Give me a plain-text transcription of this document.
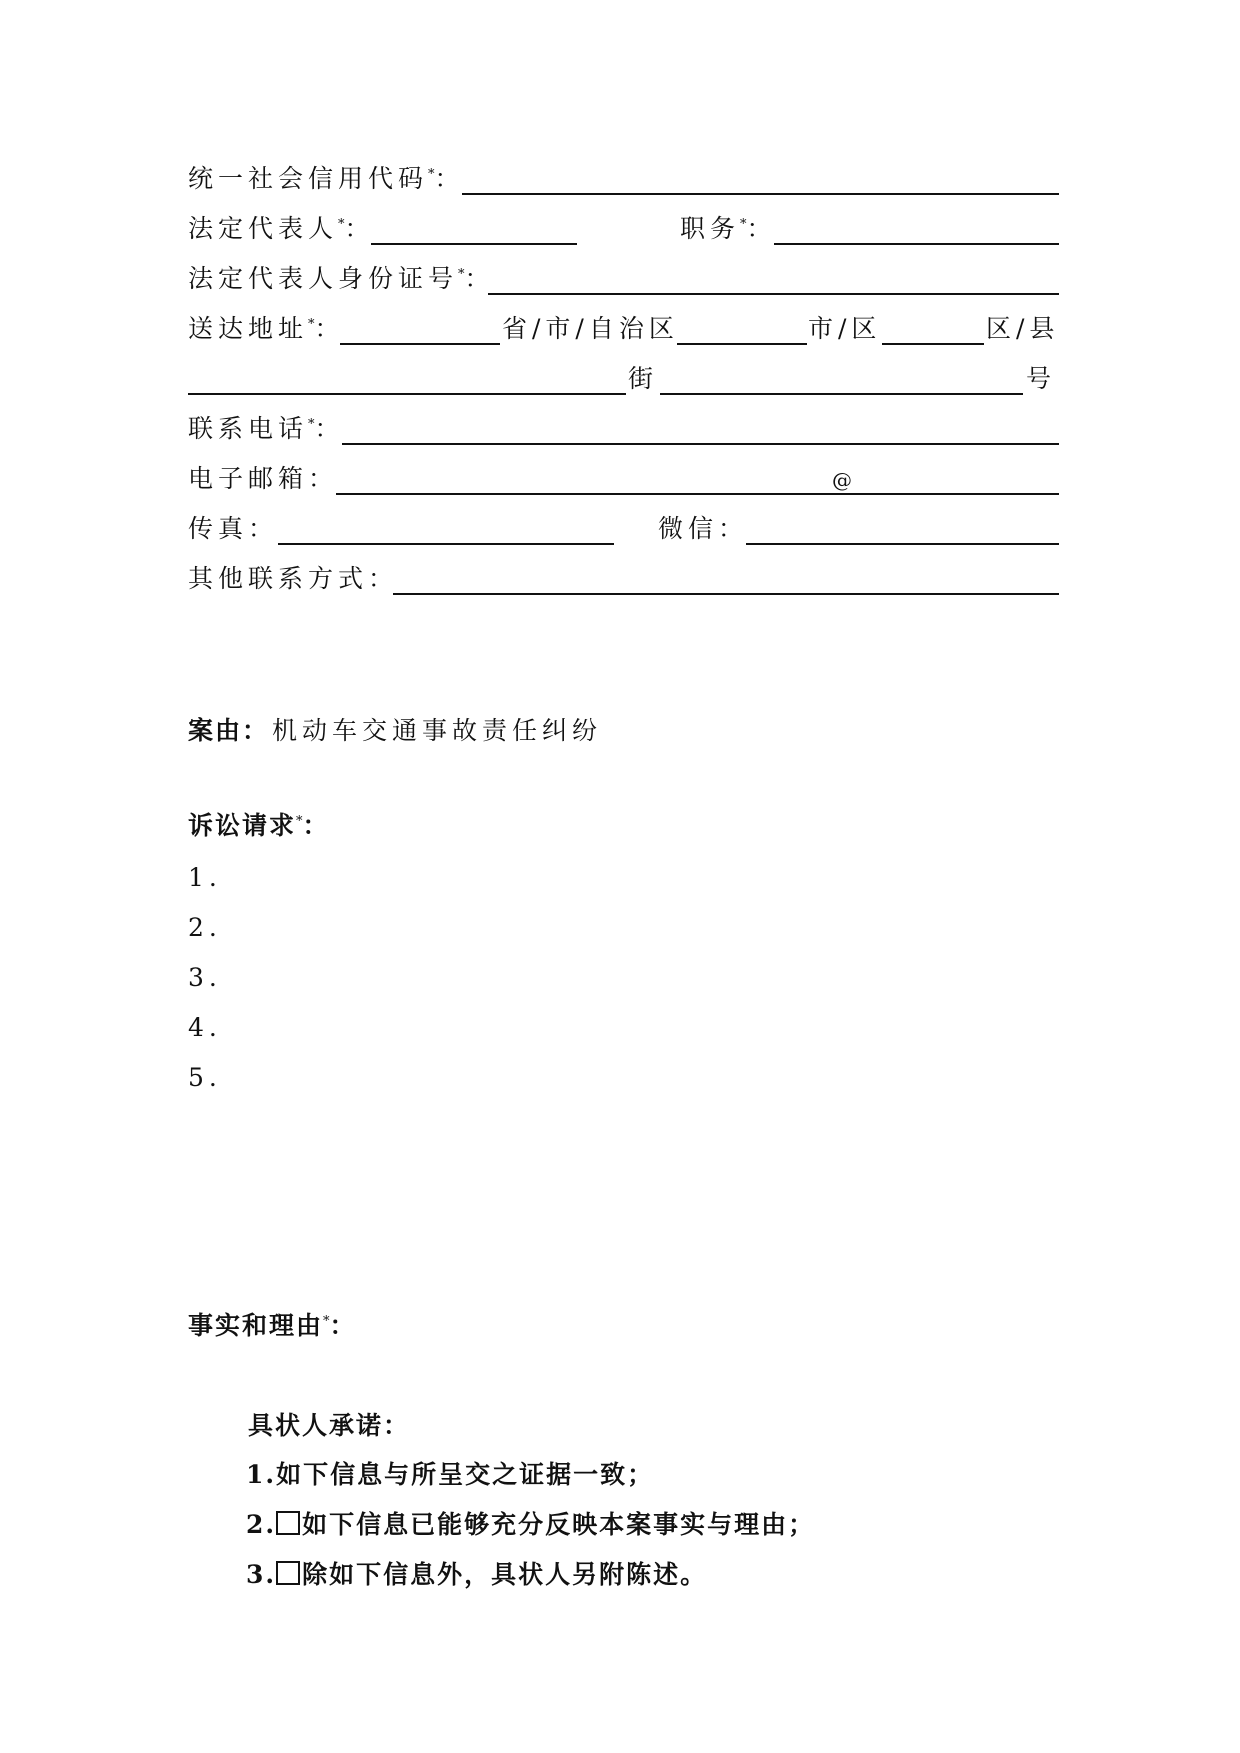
统一社会信用代码*：
法定代表人*：	职务*：
法定代表人身份证号*：
送达地址*：	省/市/自治区	市/区	区/县
街	号
联系电话*：
电子邮箱：	@
传真：	微信：
其他联系方式：
案由：机动车交通事故责任纠纷
诉讼请求*：
1.
2.
3.
4.
5.
事实和理由*：
具状人承诺：
1.如下信息与所呈交之证据一致；
2. 如下信息已能够充分反映本案事实与理由；
3. 除如下信息外，具状人另附陈述。
